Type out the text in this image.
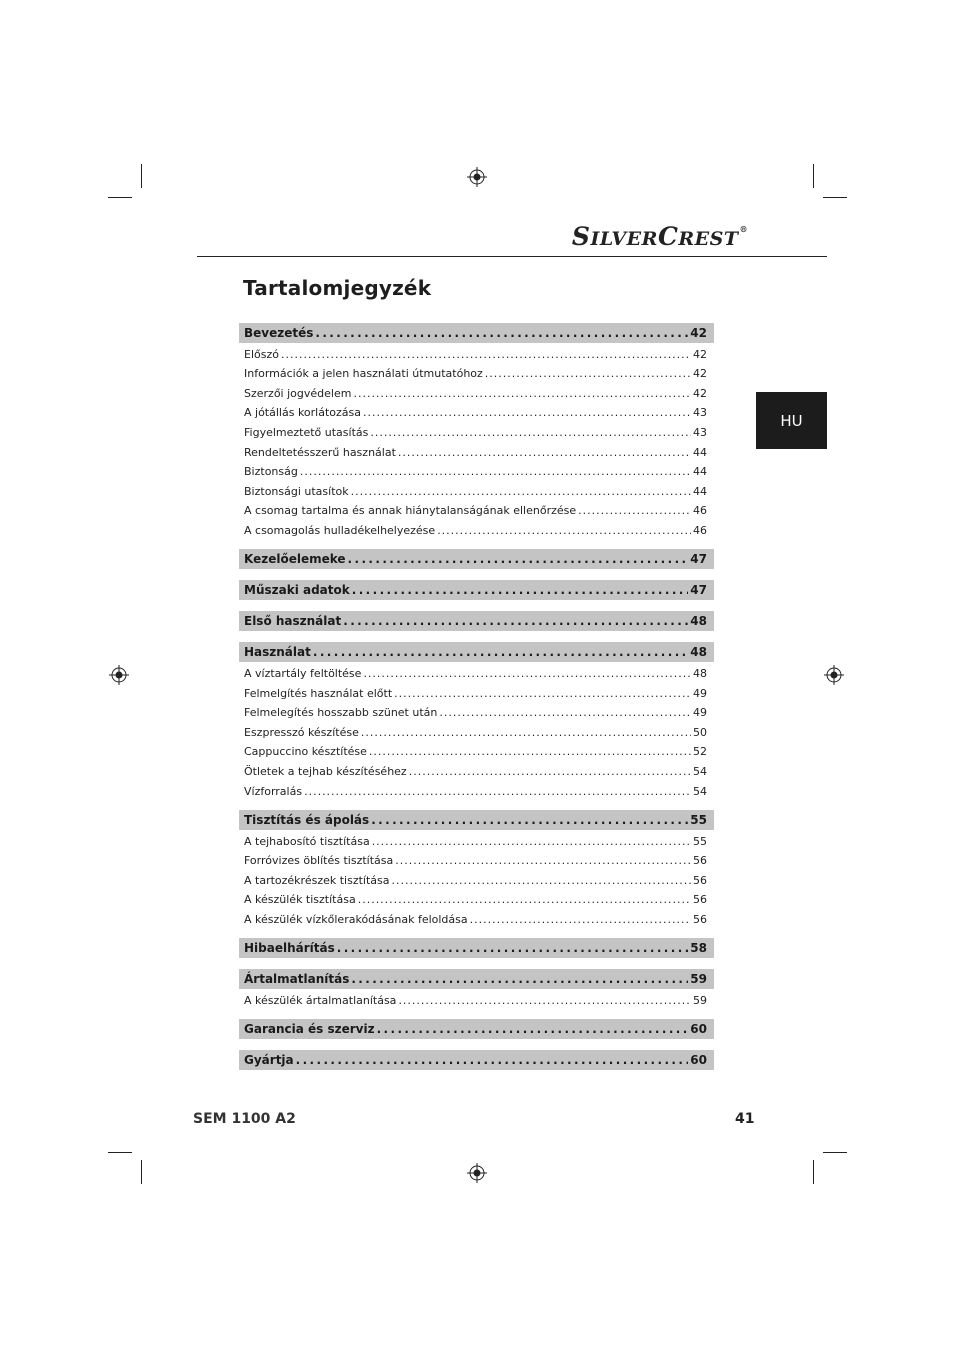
SILVERCREST®
Tartalomjegyzék
HU
Bevezetés .....	42
Előszó .....	42
Információk a jelen használati útmutatóhoz .....	42
Szerzői jogvédelem .....	42
A jótállás korlátozása .....	43
Figyelmeztető utasítás .....	43
Rendeltetésszerű használat .....	44
Biztonság .....	44
Biztonsági utasítok .....	44
A csomag tartalma és annak hiánytalanságának ellenőrzése .....	46
A csomagolás hulladékelhelyezése .....	46
Kezelőelemeke .....	47
Műszaki adatok .....	47
Első használat .....	48
Használat .....	48
A víztartály feltöltése .....	48
Felmelgítés használat előtt .....	49
Felmelegítés hosszabb szünet után .....	49
Eszpresszó készítése .....	50
Cappuccino késztítése .....	52
Ötletek a tejhab készítéséhez .....	54
Vízforralás .....	54
Tisztítás és ápolás .....	55
A tejhabosító tisztítása .....	55
Forróvizes öblítés tisztítása .....	56
A tartozékrészek tisztítása .....	56
A készülék tisztítása .....	56
A készülék vízkőlerakódásának feloldása .....	56
Hibaelhárítás .....	58
Ártalmatlanítás .....	59
A készülék ártalmatlanítása .....	59
Garancia és szerviz .....	60
Gyártja .....	60
SEM 1100 A2	41
